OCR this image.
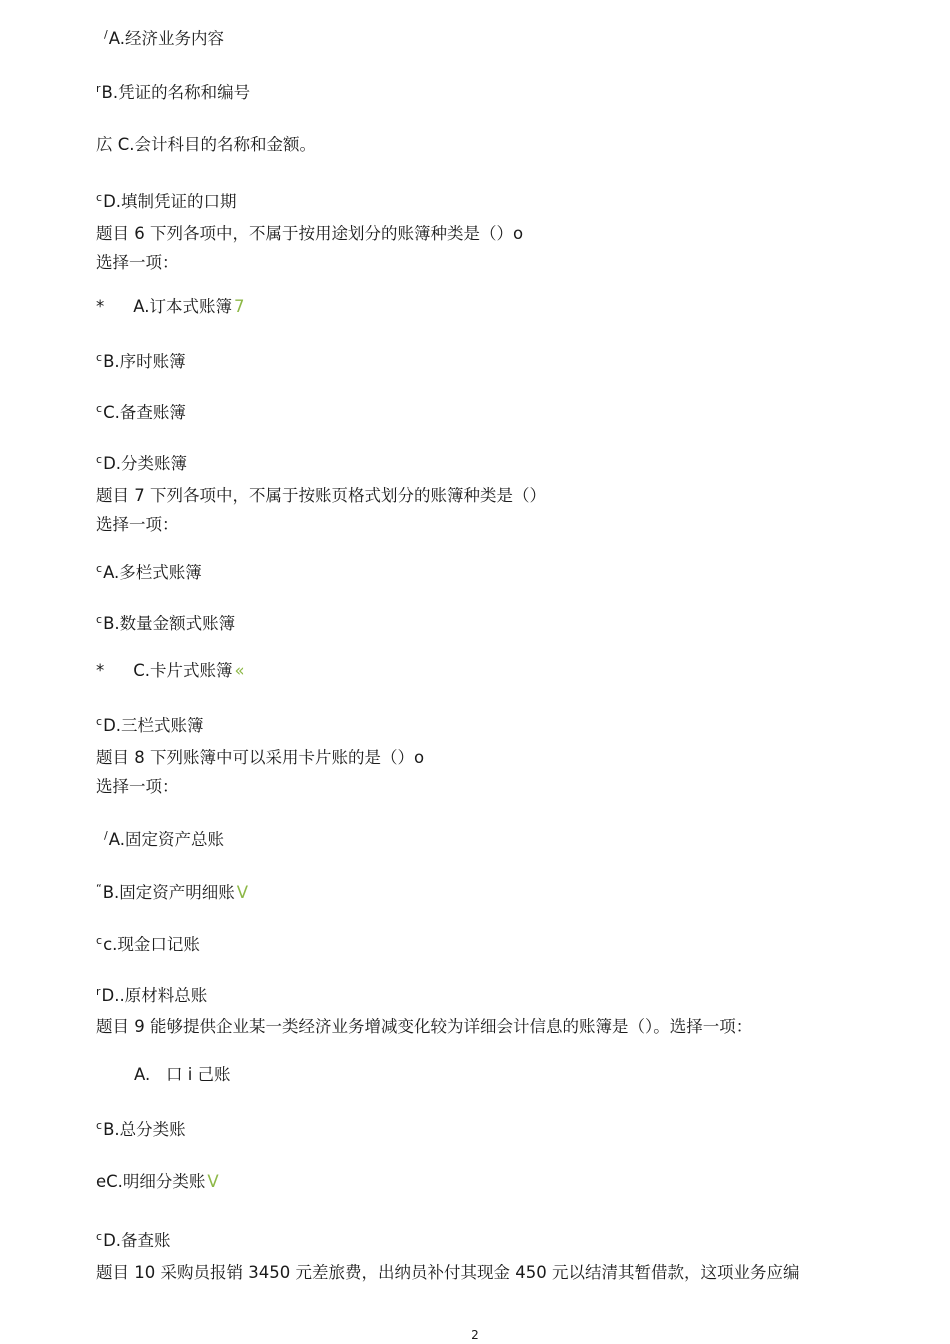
/A.经济业务内容
$^r$B.凭证的名称和编号
広 C.会计科目的名称和金额。
$^c$D.填制凭证的口期
题目 6 下列各项中，不属于按用途划分的账簿种类是（）o
选择一项：
* A.订本式账簿 7
$^c$B.序时账簿
$^c$C.备查账簿
$^c$D.分类账簿
题目 7 下列各项中，不属于按账页格式划分的账簿种类是（）
选择一项：
$^c$A.多栏式账簿
$^c$B.数量金额式账簿
* C.卡片式账簿 «
$^c$D.三栏式账簿
题目 8 下列账簿中可以采用卡片账的是（）o
选择一项：
/A.固定资产总账
“B.固定资产明细账 V
$^c$c.现金口记账
$^r$D..原材料总账
题目 9 能够提供企业某一类经济业务增减变化较为详细会计信息的账簿是（）。选择一项：
A.   口 i 己账
$^c$B.总分类账
eC.明细分类账 V
$^c$D.备查账
题目 10 采购员报销 3450 元差旅费，出纳员补付其现金 450 元以结清其暂借款，这项业务应编
2
